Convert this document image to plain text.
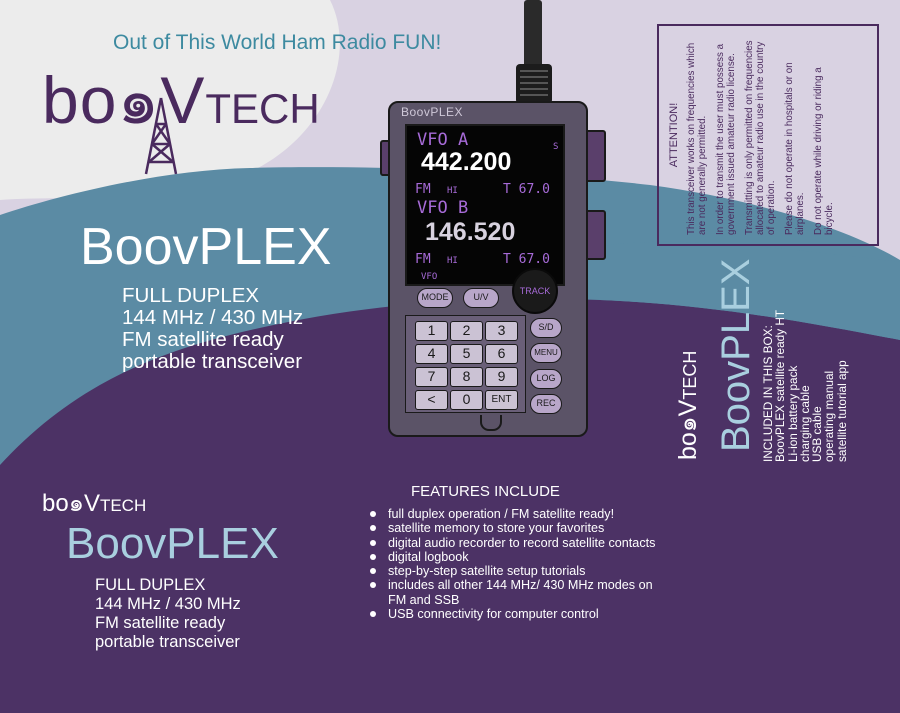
Out of This World Ham Radio FUN!
bo๑VTECH
BoovPLEX
FULL DUPLEX
144 MHz / 430 MHz
FM satellite ready
portable transceiver
BoovPLEX
VFO A	S
442.200
FM HI	T 67.0
VFO B
146.520
FM HI	T 67.0
VFO
MODE	U/V
TRACK
1	2	3
4	5	6
7	8	9
<	0	ENT
S/D
MENU
LOG
REC

ATTENTION! This transceiver works on frequencies which are not generally permitted. In order to transmit the user must possess a government issued amateur radio license. Transmitting is only permitted on frequencies allocated to amateur radio use in the country of operation. Please do not operate in hospitals or on airplanes. Do not operate while driving or riding a bicycle.

bo๑VTECH BoovPLEX INCLUDED IN THIS BOX:
BoovPLEX satellite ready HT
Li-ion battery pack
charging cable
USB cable
operating manual
satellite tutorial app
bo๑VTECH
BoovPLEX
FULL DUPLEX
144 MHz / 430 MHz
FM satellite ready
portable transceiver
FEATURES INCLUDE
full duplex operation / FM satellite ready!
satellite memory to store your favorites
digital audio recorder to record satellite contacts
digital logbook
step-by-step satellite setup tutorials
includes all other 144 MHz/ 430 MHz modes on FM and SSB
USB connectivity for computer control
